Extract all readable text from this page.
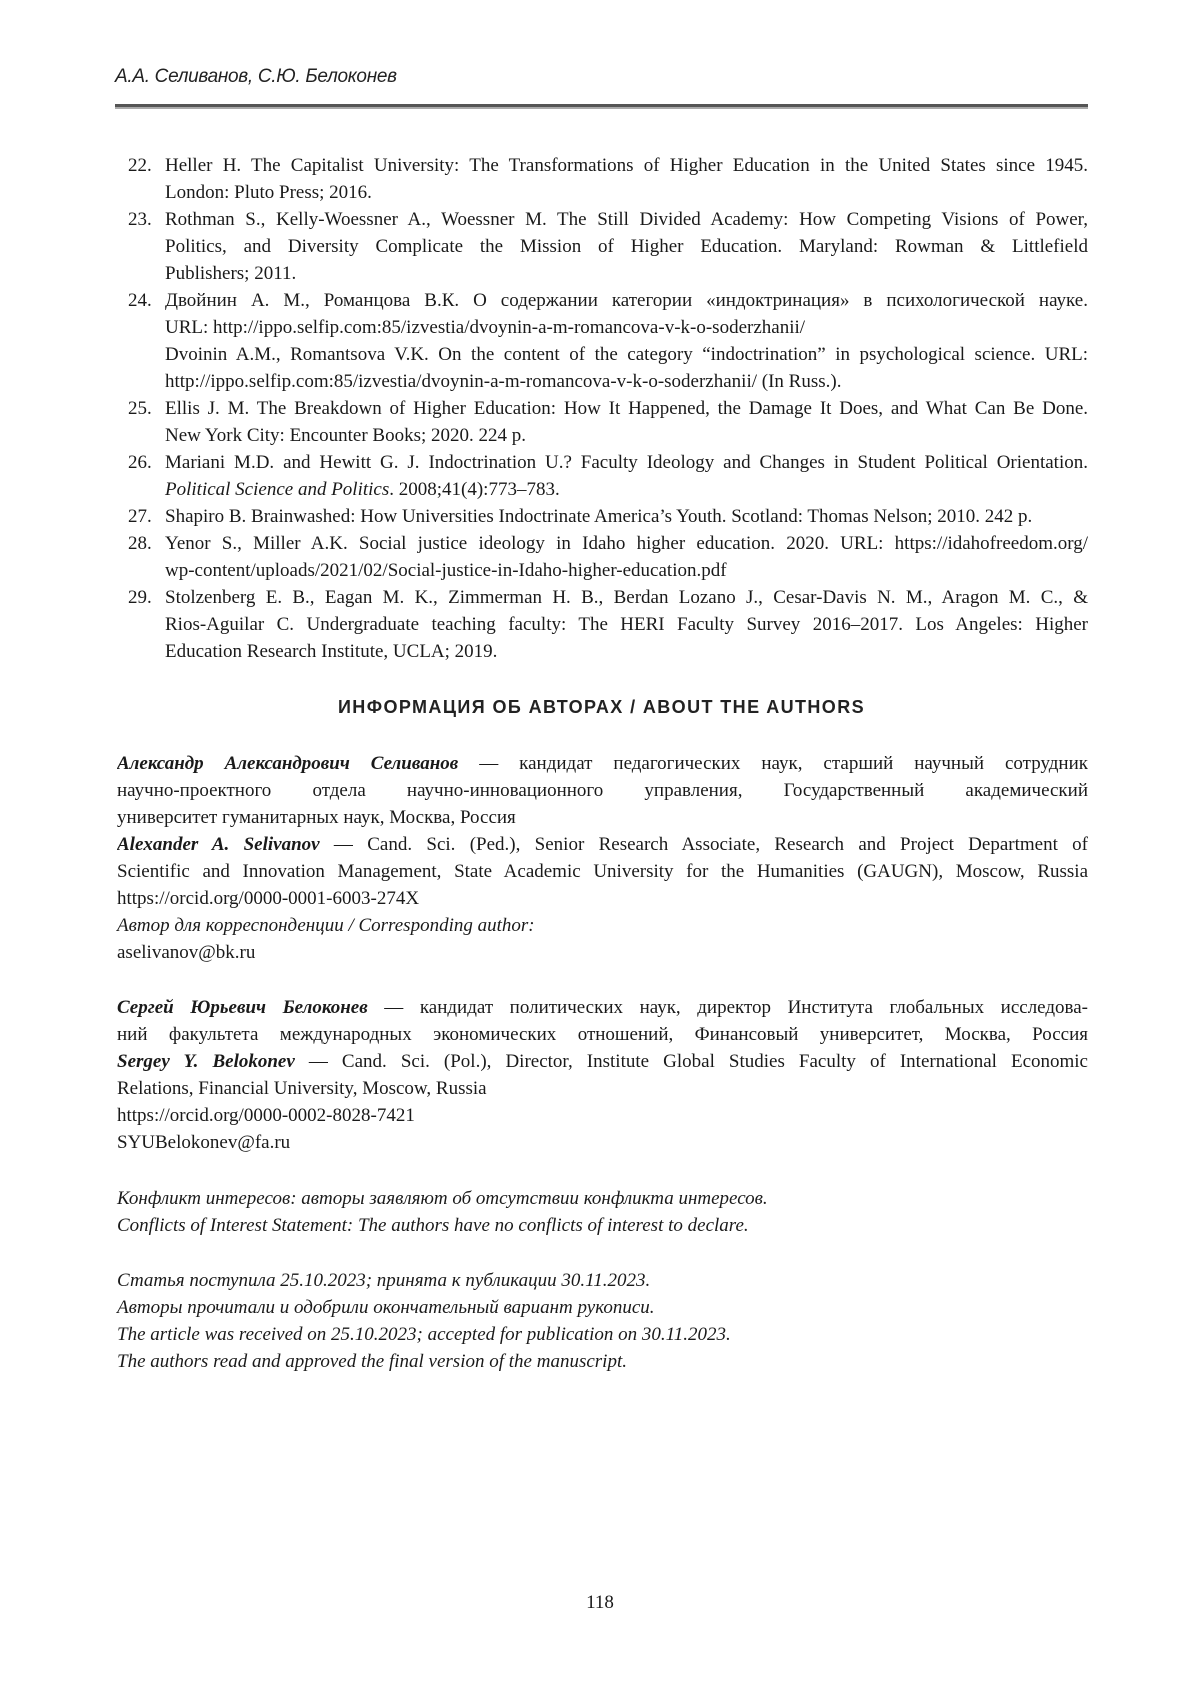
А.А. Селиванов, С.Ю. Белоконев
22. Heller H. The Capitalist University: The Transformations of Higher Education in the United States since 1945.
London: Pluto Press; 2016.
23. Rothman S., Kelly-Woessner A., Woessner M. The Still Divided Academy: How Competing Visions of Power,
Politics, and Diversity Complicate the Mission of Higher Education. Maryland: Rowman & Littlefield
Publishers; 2011.
24. Двойнин А. М., Романцова В.К. О содержании категории «индоктринация» в психологической науке.
URL: http://ippo.selfip.com:85/izvestia/dvoynin-a-m-romancova-v-k-o-soderzhanii/
Dvoinin A.M., Romantsova V.K. On the content of the category “indoctrination” in psychological science. URL:
http://ippo.selfip.com:85/izvestia/dvoynin-a-m-romancova-v-k-o-soderzhanii/ (In Russ.).
25. Ellis J. M. The Breakdown of Higher Education: How It Happened, the Damage It Does, and What Can Be Done.
New York City: Encounter Books; 2020. 224 p.
26. Mariani M.D. and Hewitt G. J. Indoctrination U.? Faculty Ideology and Changes in Student Political Orientation.
Political Science and Politics. 2008;41(4):773–783.
27. Shapiro B. Brainwashed: How Universities Indoctrinate America’s Youth. Scotland: Thomas Nelson; 2010. 242 p.
28. Yenor S., Miller A.K. Social justice ideology in Idaho higher education. 2020. URL: https://idahofreedom.org/
wp-content/uploads/2021/02/Social-justice-in-Idaho-higher-education.pdf
29. Stolzenberg E. B., Eagan M. K., Zimmerman H. B., Berdan Lozano J., Cesar-Davis N. M., Aragon M. C., &
Rios-Aguilar C. Undergraduate teaching faculty: The HERI Faculty Survey 2016–2017. Los Angeles: Higher
Education Research Institute, UCLA; 2019.
ИНФОРМАЦИЯ ОБ АВТОРАХ / ABOUT THE AUTHORS
Александр Александрович Селиванов — кандидат педагогических наук, старший научный сотрудник
научно-проектного отдела научно-инновационного управления, Государственный академический
университет гуманитарных наук, Москва, Россия
Alexander A. Selivanov — Cand. Sci. (Ped.), Senior Research Associate, Research and Project Department of
Scientific and Innovation Management, State Academic University for the Humanities (GAUGN), Moscow, Russia
https://orcid.org/0000-0001-6003-274X
Автор для корреспонденции / Corresponding author:
aselivanov@bk.ru
Сергей Юрьевич Белоконев — кандидат политических наук, директор Института глобальных исследова-
ний факультета международных экономических отношений, Финансовый университет, Москва, Россия
Sergey Y. Belokonev — Cand. Sci. (Pol.), Director, Institute Global Studies Faculty of International Economic
Relations, Financial University, Moscow, Russia
https://orcid.org/0000-0002-8028-7421
SYUBelokonev@fa.ru
Конфликт интересов: авторы заявляют об отсутствии конфликта интересов.
Conflicts of Interest Statement: The authors have no conflicts of interest to declare.
Статья поступила 25.10.2023; принята к публикации 30.11.2023.
Авторы прочитали и одобрили окончательный вариант рукописи.
The article was received on 25.10.2023; accepted for publication on 30.11.2023.
The authors read and approved the final version of the manuscript.
118
